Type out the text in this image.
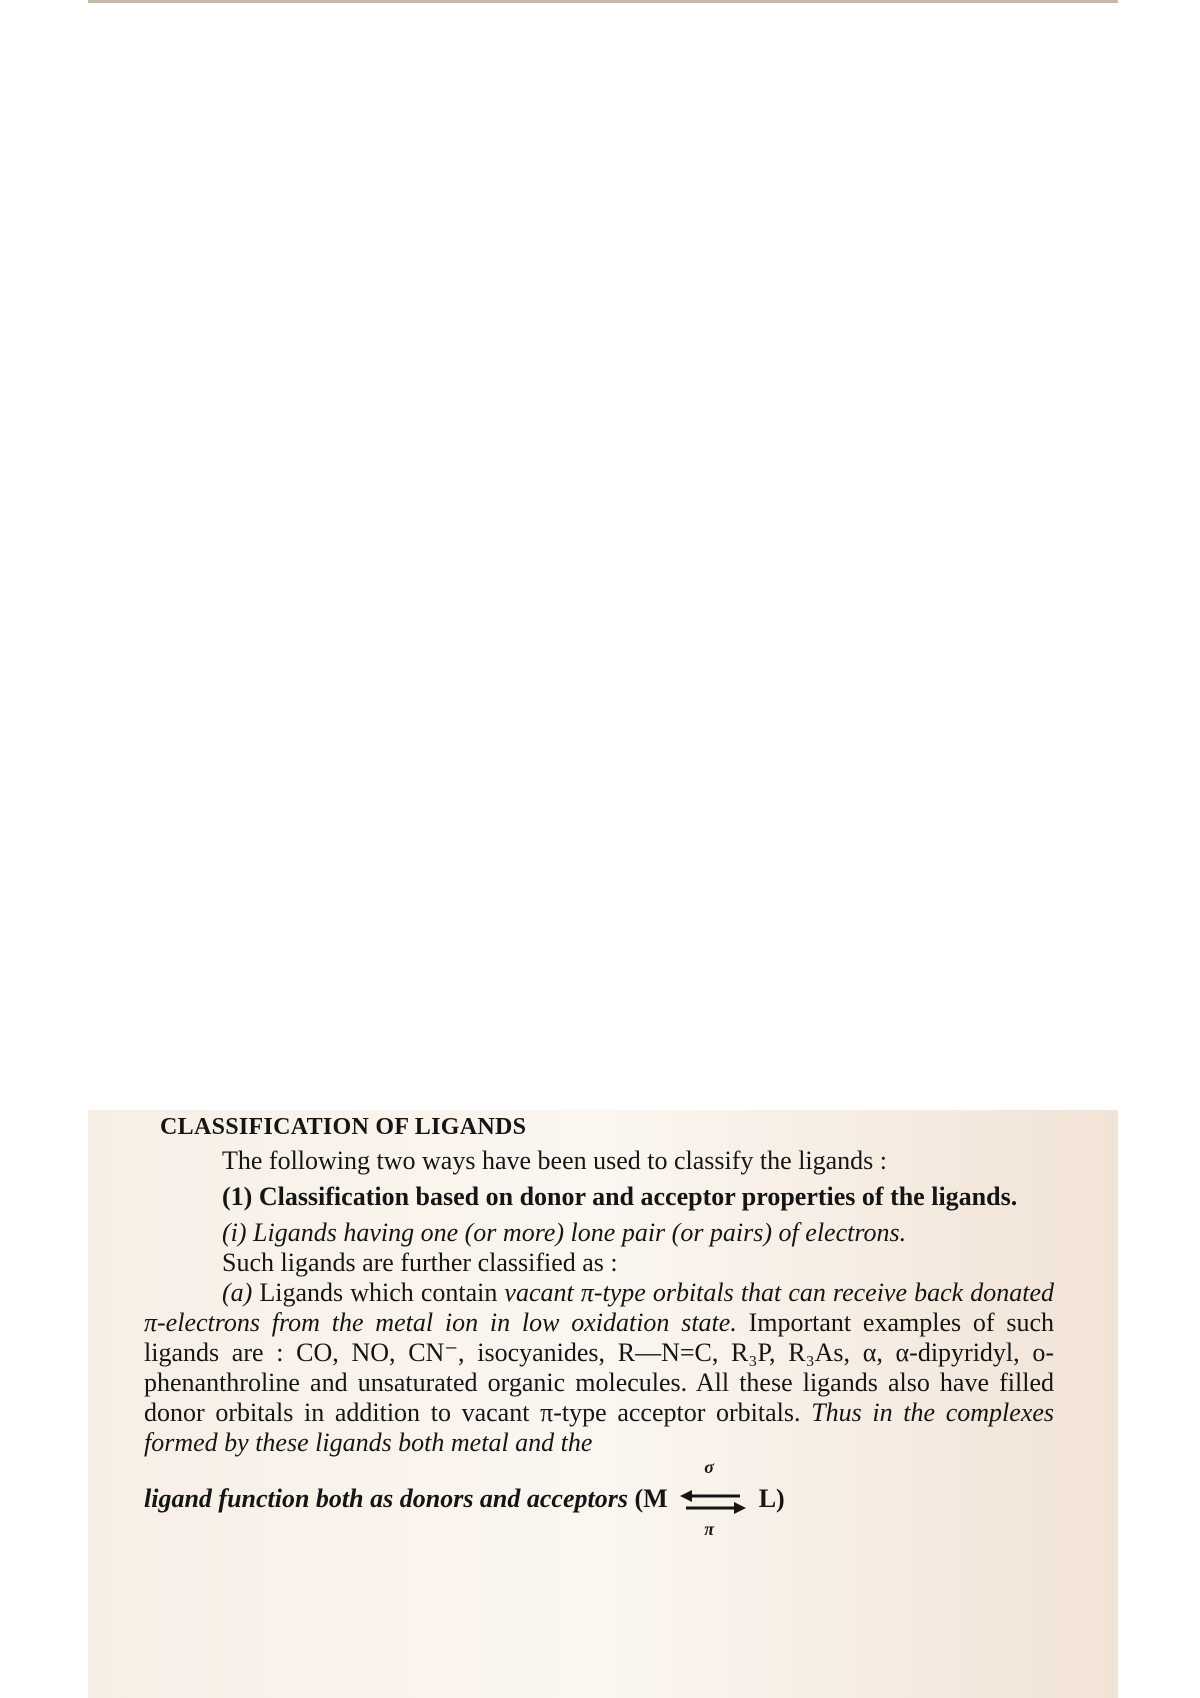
CLASSIFICATION OF LIGANDS

The following two ways have been used to classify the ligands :

(1) Classification based on donor and acceptor properties of the ligands.

(i) Ligands having one (or more) lone pair (or pairs) of electrons.

Such ligands are further classified as :

(a) Ligands which contain vacant π-type orbitals that can receive back donated π-electrons from the metal ion in low oxidation state. Important examples of such ligands are : CO, NO, CN⁻, isocyanides, R—N=C, R₃P, R₃As, α, α-dipyridyl, o-phenanthroline and unsaturated organic molecules. All these ligands also have filled donor orbitals in addition to vacant π-type acceptor orbitals. Thus in the complexes formed by these ligands both metal and the

ligand function both as donors and acceptors (M
σ
π
L)
